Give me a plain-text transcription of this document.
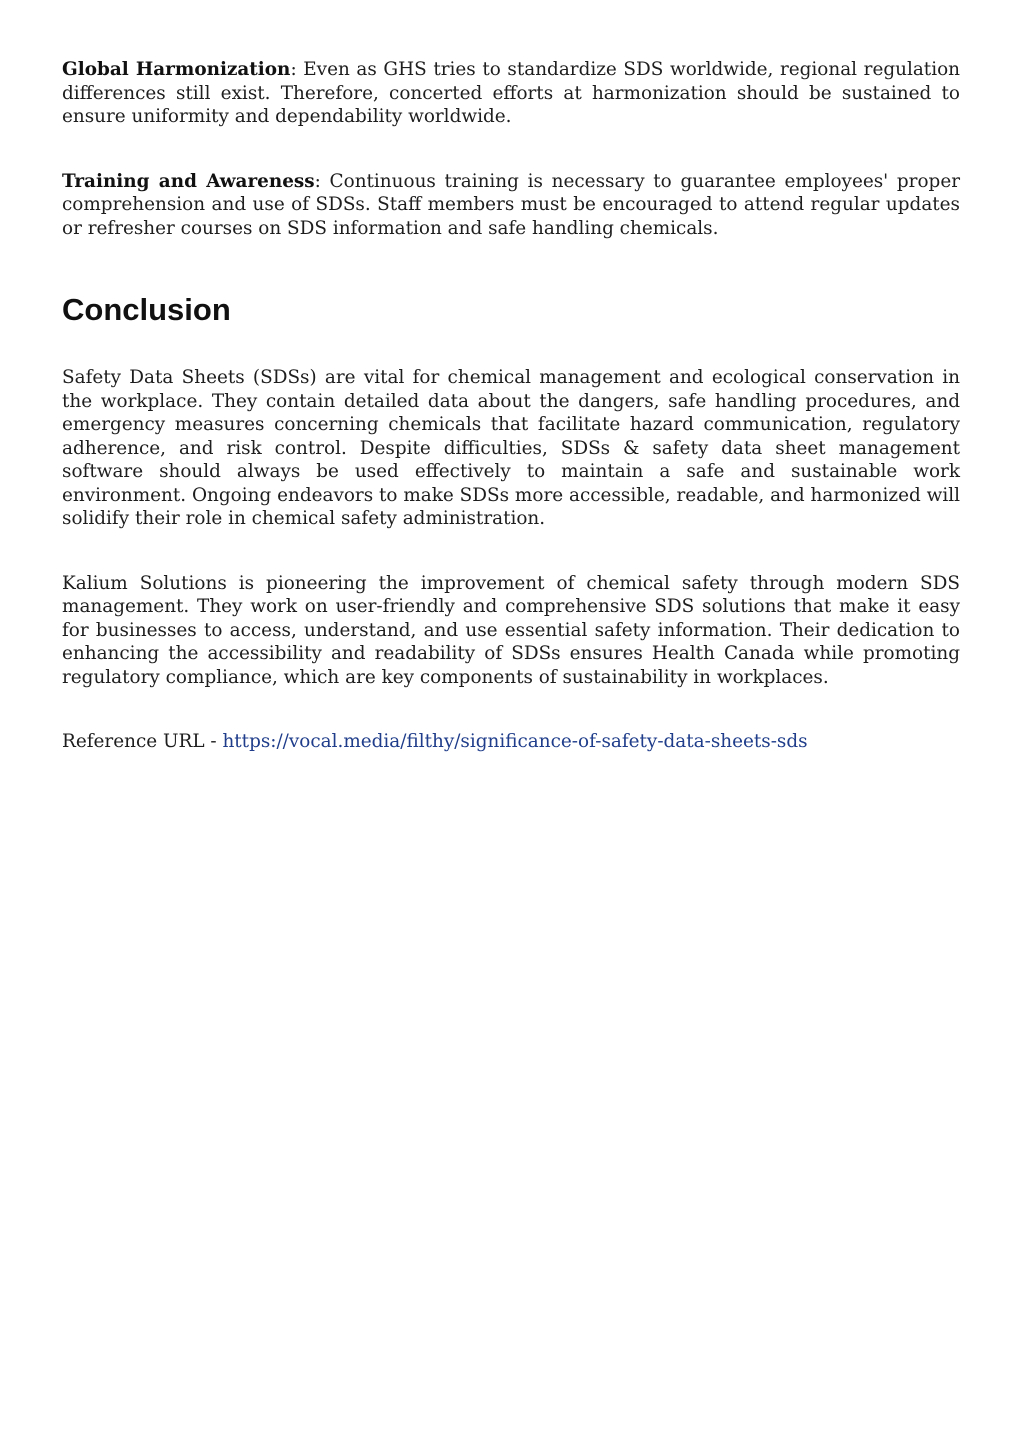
Global Harmonization: Even as GHS tries to standardize SDS worldwide, regional regulation differences still exist. Therefore, concerted efforts at harmonization should be sustained to ensure uniformity and dependability worldwide.

Training and Awareness: Continuous training is necessary to guarantee employees' proper comprehension and use of SDSs. Staff members must be encouraged to attend regular updates or refresher courses on SDS information and safe handling chemicals.

Conclusion

Safety Data Sheets (SDSs) are vital for chemical management and ecological conservation in the workplace. They contain detailed data about the dangers, safe handling procedures, and emergency measures concerning chemicals that facilitate hazard communication, regulatory adherence, and risk control. Despite difficulties, SDSs & safety data sheet management software should always be used effectively to maintain a safe and sustainable work environment. Ongoing endeavors to make SDSs more accessible, readable, and harmonized will solidify their role in chemical safety administration.

Kalium Solutions is pioneering the improvement of chemical safety through modern SDS management. They work on user-friendly and comprehensive SDS solutions that make it easy for businesses to access, understand, and use essential safety information. Their dedication to enhancing the accessibility and readability of SDSs ensures Health Canada while promoting regulatory compliance, which are key components of sustainability in workplaces.

Reference URL - https://vocal.media/filthy/significance-of-safety-data-sheets-sds
